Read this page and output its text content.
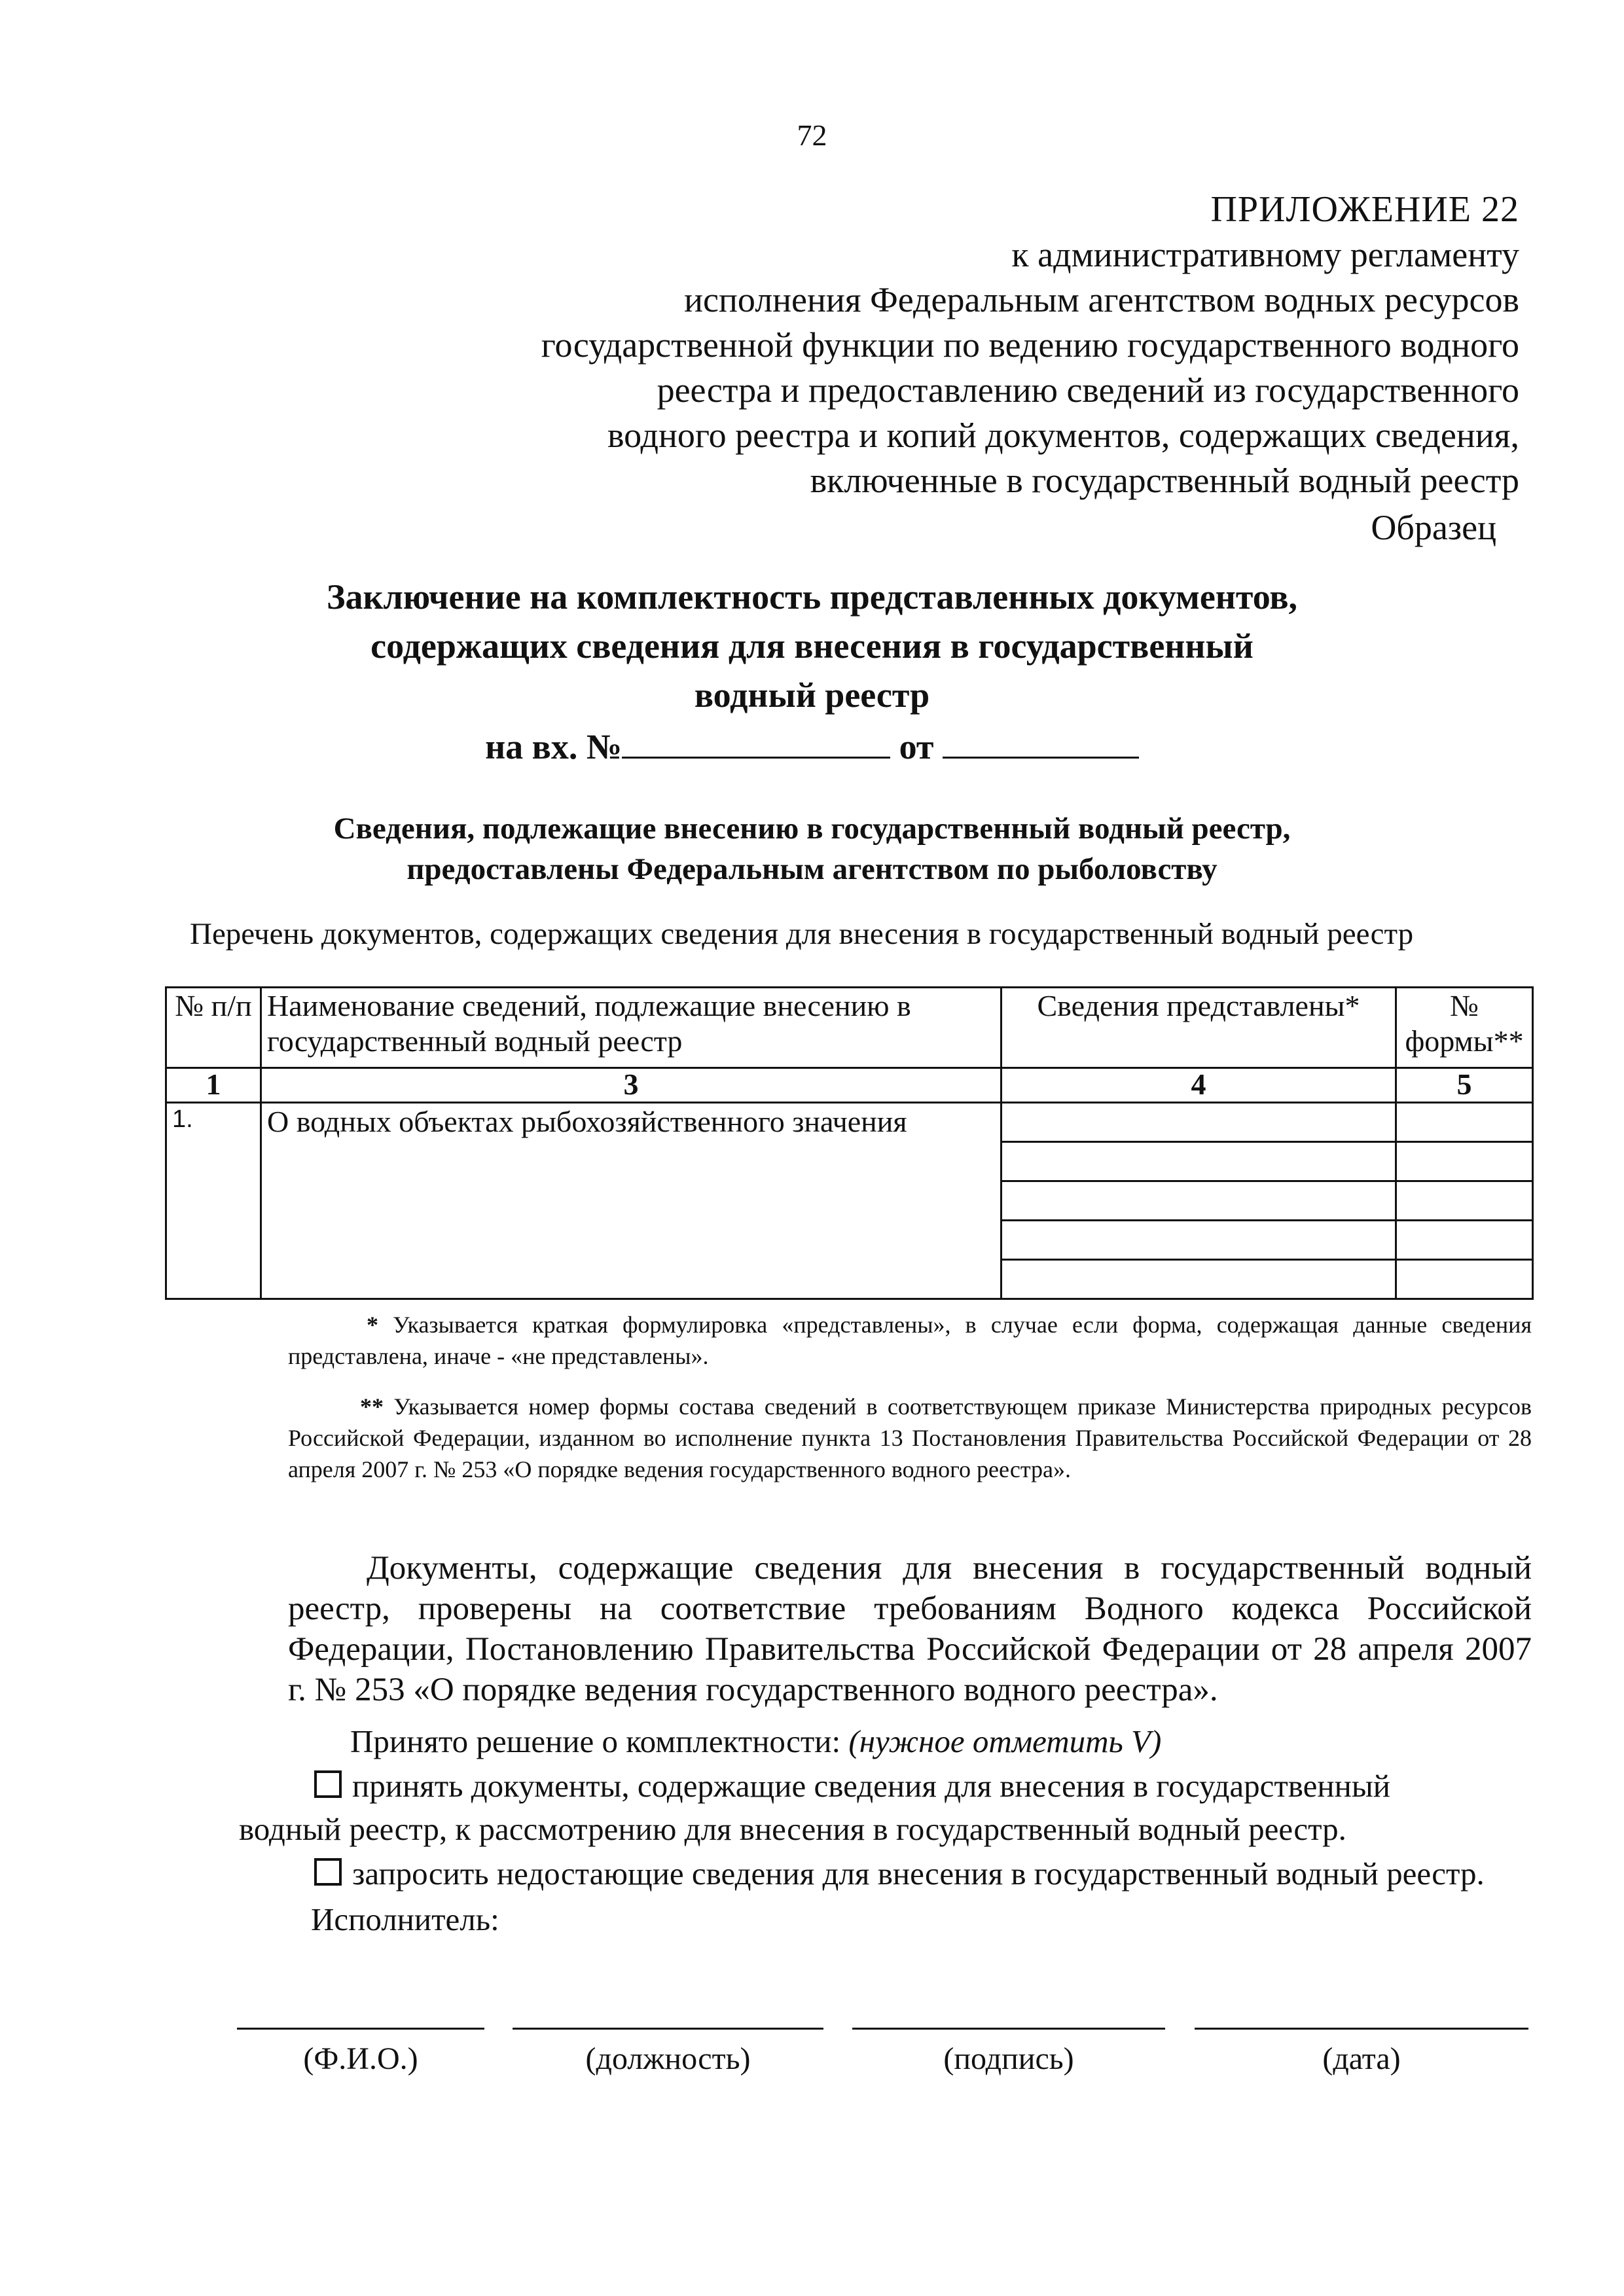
72
ПРИЛОЖЕНИЕ 22
к административному регламенту
исполнения Федеральным агентством водных ресурсов
государственной функции по ведению государственного водного
реестра и предоставлению сведений из государственного
водного реестра и копий документов, содержащих сведения,
включенные в государственный водный реестр
Образец
Заключение на комплектность представленных документов,
содержащих сведения для внесения в государственный
водный реестр
на вх. №	от
Сведения, подлежащие внесению в государственный водный реестр,
предоставлены Федеральным агентством по рыболовству
Перечень документов, содержащих сведения для внесения в государственный водный реестр
№ п/п	Наименование сведений, подлежащие внесению в государственный водный реестр	Сведения представлены*	№ формы**
1	3	4	5
1.	О водных объектах рыбохозяйственного значения	

* Указывается краткая формулировка «представлены», в случае если форма, содержащая данные сведения представлена, иначе - «не представлены».
** Указывается номер формы состава сведений в соответствующем приказе Министерства природных ресурсов Российской Федерации, изданном во исполнение пункта 13 Постановления Правительства Российской Федерации от 28 апреля 2007 г. № 253 «О порядке ведения государственного водного реестра».
Документы, содержащие сведения для внесения в государственный водный реестр, проверены на соответствие требованиям Водного кодекса Российской Федерации, Постановлению Правительства Российской Федерации от 28 апреля 2007 г. № 253 «О порядке ведения государственного водного реестра».
Принято решение о комплектности: (нужное отметить V)
принять документы, содержащие сведения для внесения в государственный
водный реестр, к рассмотрению для внесения в государственный водный реестр.
запросить недостающие сведения для внесения в государственный водный реестр.
Исполнитель:
(Ф.И.О.)	(должность)	(подпись)	(дата)
